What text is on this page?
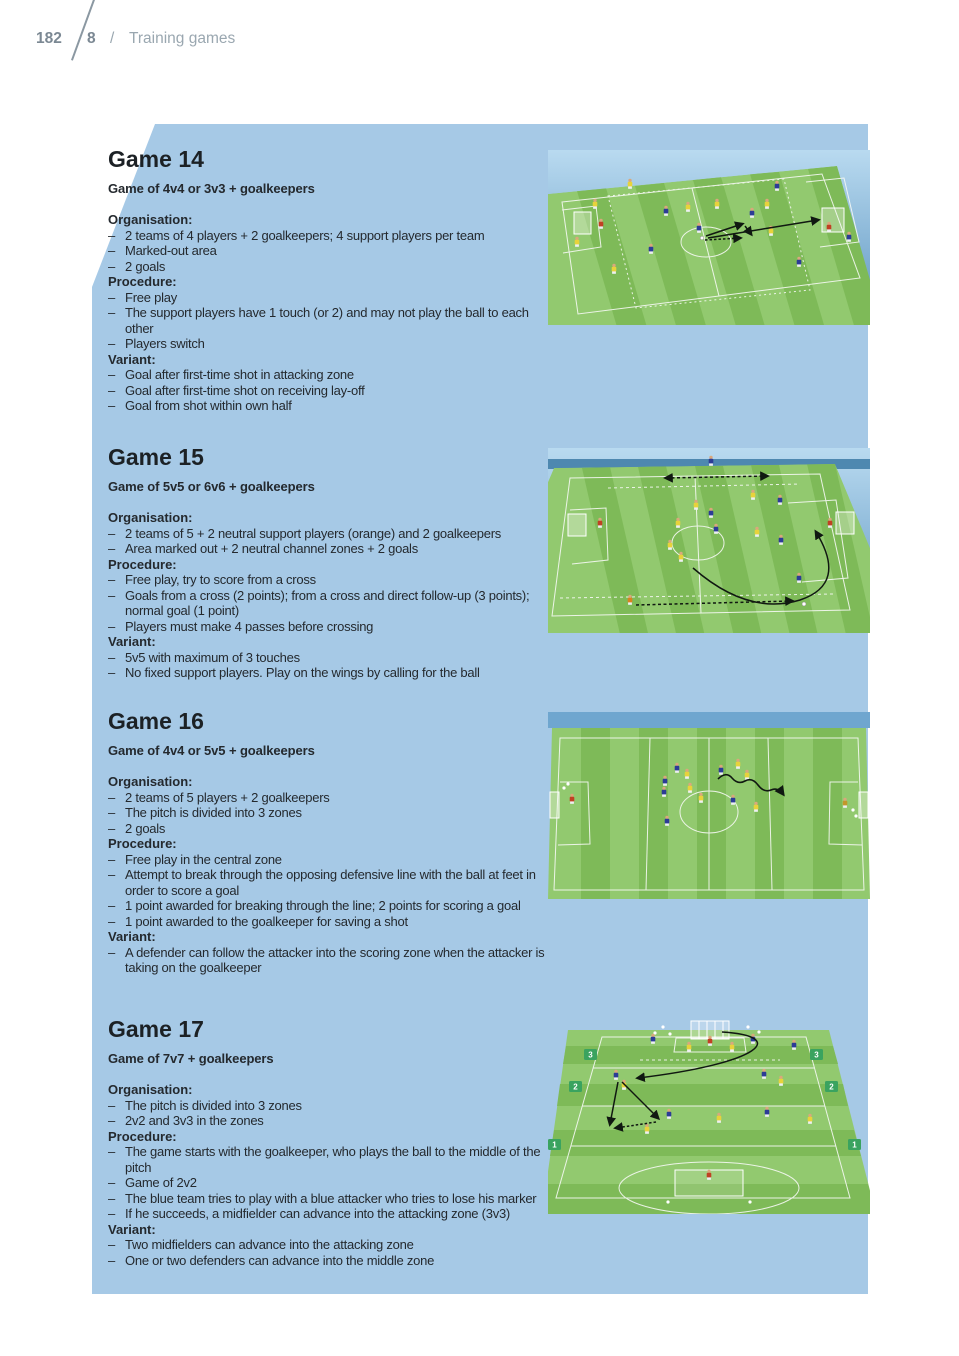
182 8 / Training games
Game 14
Game of 4v4 or 3v3 + goalkeepers

Organisation:

– 2 teams of 4 players + 2 goalkeepers; 4 support players per team
– Marked-out area
– 2 goals

Procedure:

– Free play
– The support players have 1 touch (or 2) and may not play the ball to each other
– Players switch

Variant:

– Goal after first-time shot in attacking zone
– Goal after first-time shot on receiving lay-off
– Goal from shot within own half
Game 15
Game of 5v5 or 6v6 + goalkeepers

Organisation:

– 2 teams of 5 + 2 neutral support players (orange) and 2 goalkeepers
– Area marked out + 2 neutral channel zones + 2 goals

Procedure:

– Free play, try to score from a cross
– Goals from a cross (2 points); from a cross and direct follow-up (3 points); normal goal (1 point)
– Players must make 4 passes before crossing

Variant:

– 5v5 with maximum of 3 touches
– No fixed support players. Play on the wings by calling for the ball
Game 16
Game of 4v4 or 5v5 + goalkeepers

Organisation:

– 2 teams of 5 players + 2 goalkeepers
– The pitch is divided into 3 zones
– 2 goals

Procedure:

– Free play in the central zone
– Attempt to break through the opposing defensive line with the ball at feet in order to score a goal
– 1 point awarded for breaking through the line; 2 points for scoring a goal
– 1 point awarded to the goalkeeper for saving a shot

Variant:

– A defender can follow the attacker into the scoring zone when the attacker is taking on the goalkeeper
Game 17
Game of 7v7 + goalkeepers

Organisation:

– The pitch is divided into 3 zones
– 2v2 and 3v3 in the zones

Procedure:

– The game starts with the goalkeeper, who plays the ball to the middle of the pitch
– Game of 2v2
– The blue team tries to play with a blue attacker who tries to lose his marker
– If he succeeds, a midfielder can advance into the attacking zone (3v3)

Variant:

– Two midfielders can advance into the attacking zone
– One or two defenders can advance into the middle zone
3
2
1
3
2
1
